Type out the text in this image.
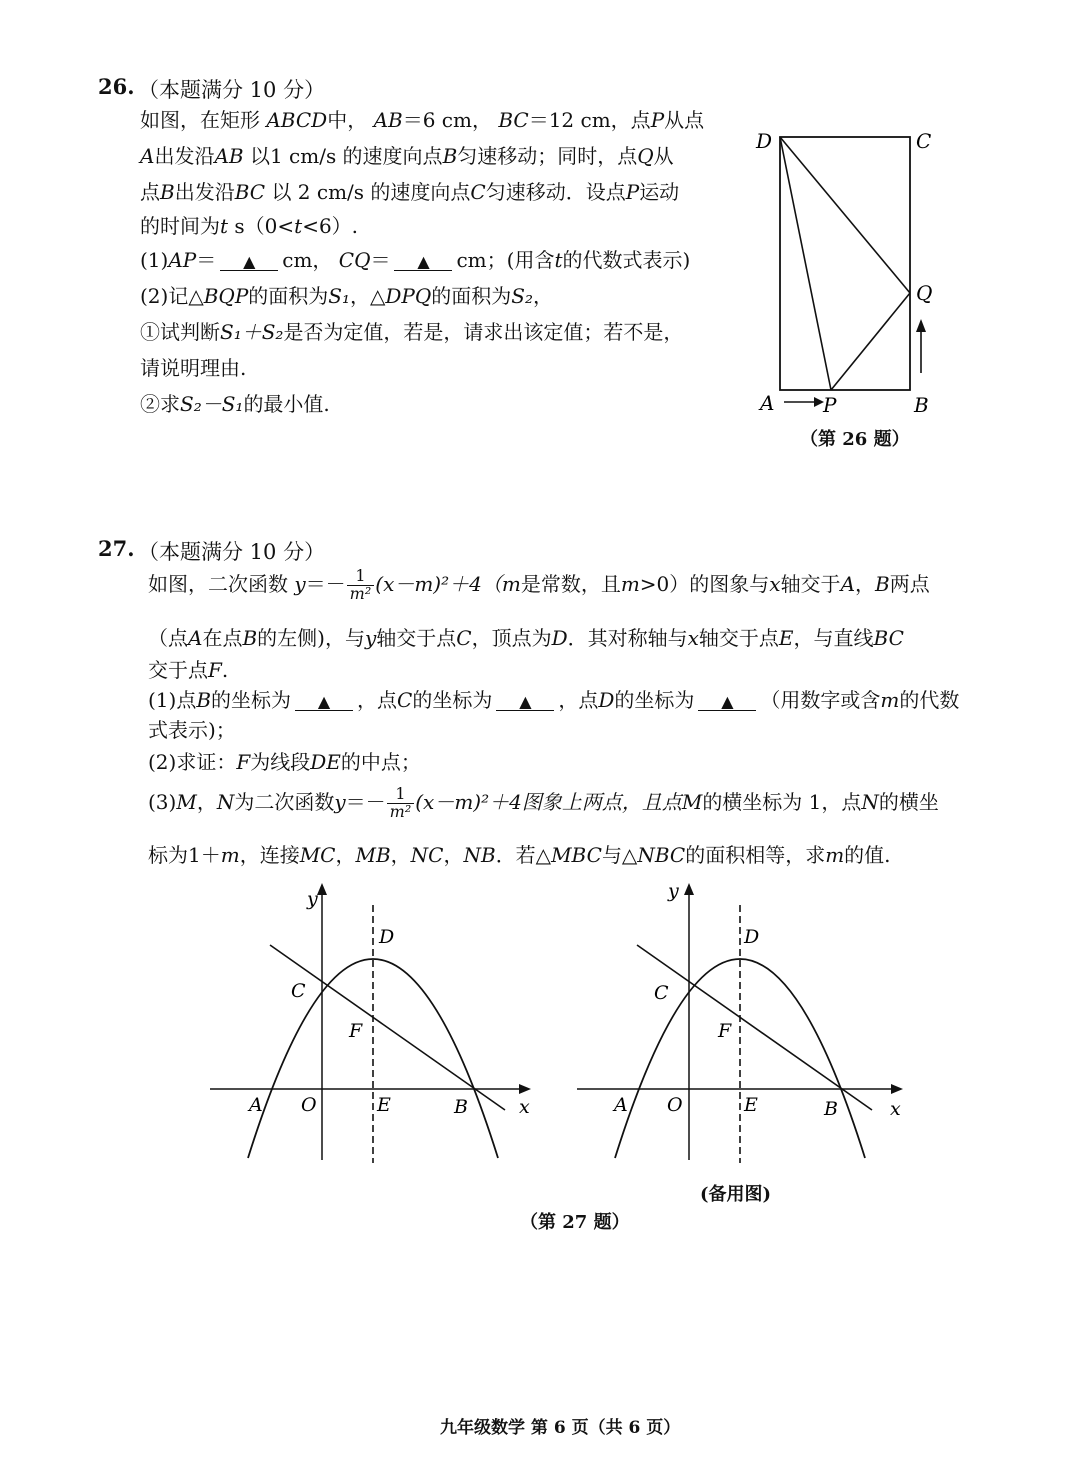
26. （本题满分 10 分）
如图，在矩形 ABCD中， AB＝6 cm， BC＝12 cm，点P从点
A出发沿AB 以1 cm/s 的速度向点B匀速移动；同时，点Q从
点B出发沿BC 以 2 cm/s 的速度向点C匀速移动．设点P运动
的时间为t s（0<t<6）.
(1)AP＝ ▲ cm， CQ＝ ▲ cm；(用含t的代数式表示)
(2)记△BQP的面积为S₁，△DPQ的面积为S₂，
①试判断S₁＋S₂是否为定值，若是，请求出该定值；若不是，
请说明理由.
②求S₂－S₁的最小值.
D	C
Q
A P	B
（第 26 题）
27. （本题满分 10 分）
如图，二次函数 $y=- \frac{1}{\text{m²}} (x-m)^2+4(m$是常数，且m>0）的图象与x轴交于A，B两点
（点A在点B的左侧)，与y轴交于点C，顶点为D．其对称轴与x轴交于点E，与直线BC
交于点F.
(1)点B的坐标为 ▲ ，点C的坐标为 ▲ ，点D的坐标为 ▲ （用数字或含m的代数
式表示)；
(2)求证：F为线段DE的中点；
(3)M，N为二次函数$y=- \frac{1}{\text{m²}} (x-m)^2+4$图象上两点，且点M的横坐标为 1，点N的横坐
标为1＋m，连接MC，MB，NC，NB．若△MBC与△NBC的面积相等，求m的值.
y
x
D
C
F
A O	E	B
y
x
D
C
F
A O	E	B
(备用图)
（第 27 题）
九年级数学 第 6 页（共 6 页）
